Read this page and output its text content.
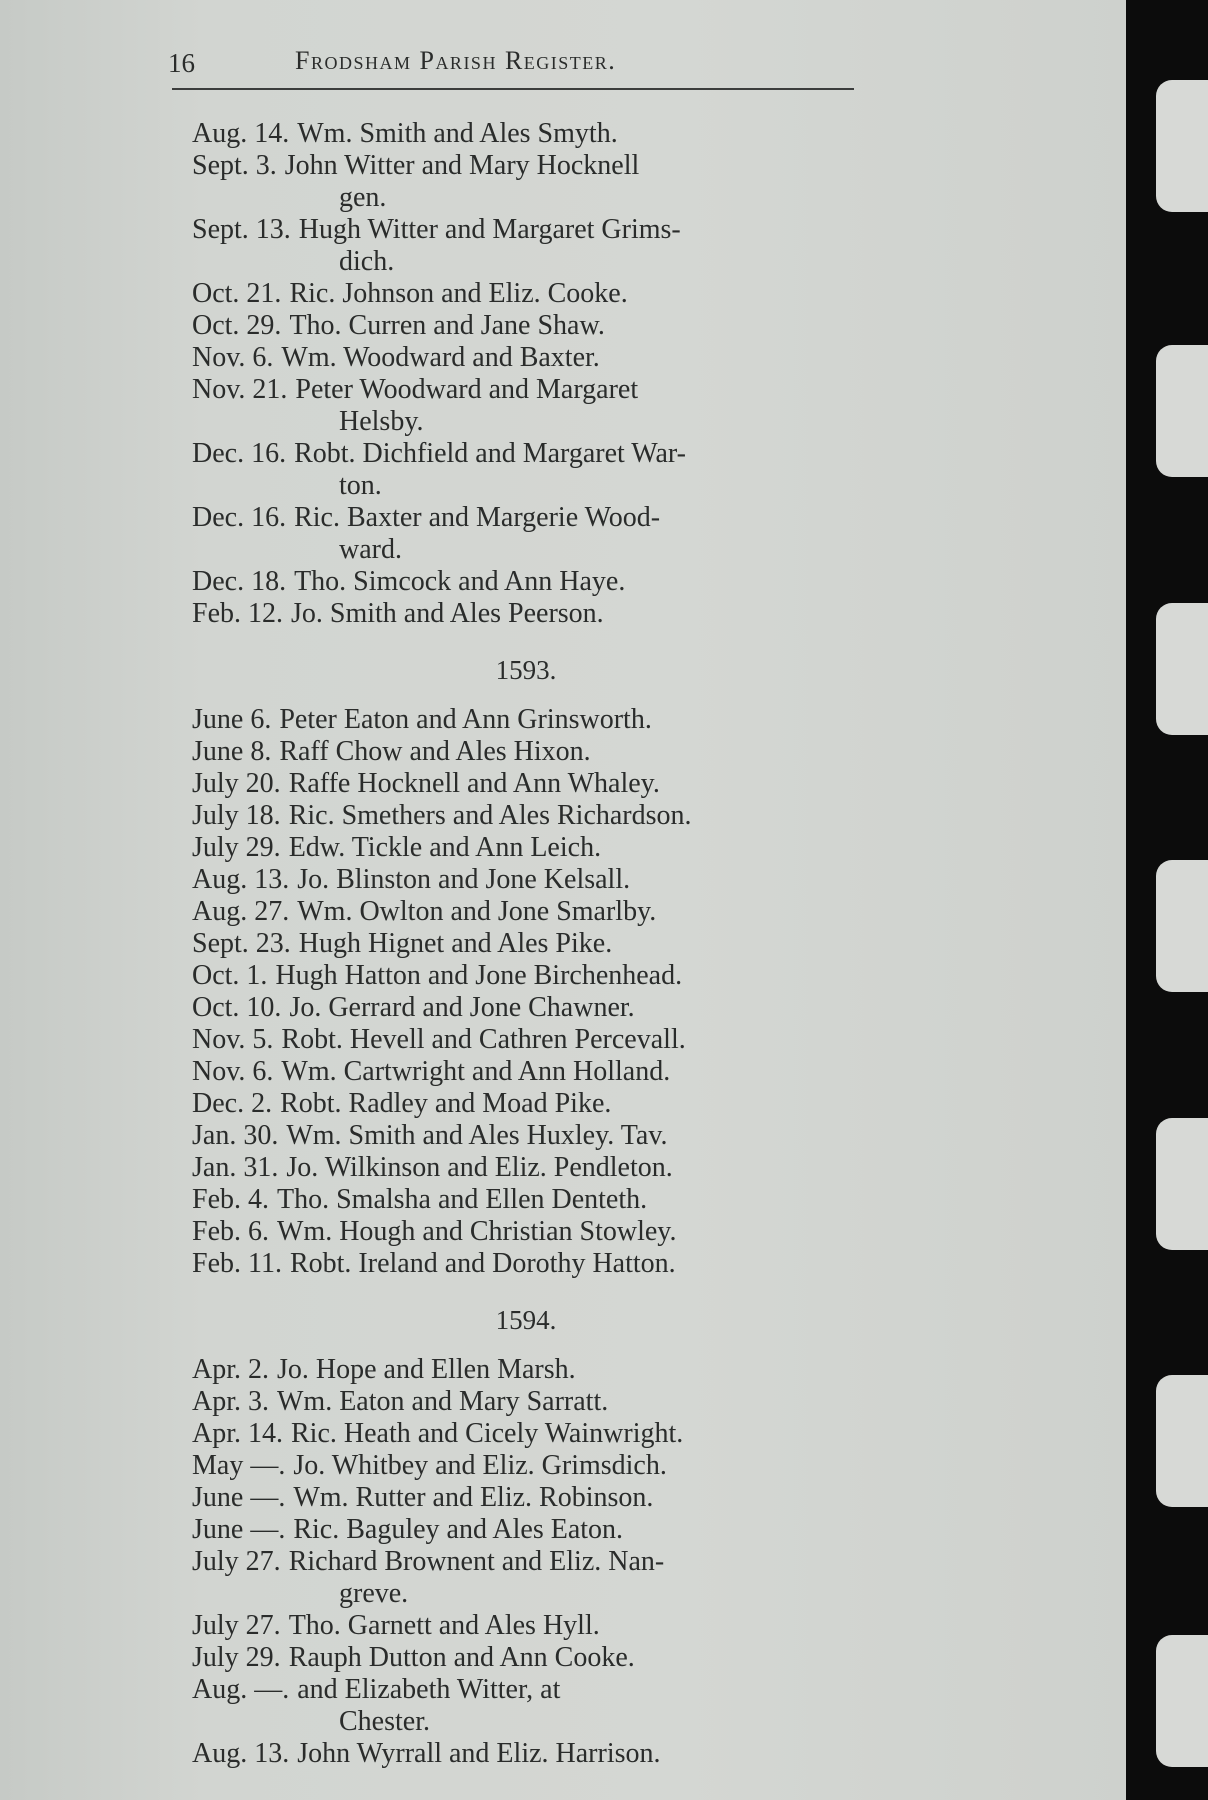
16	Frodsham Parish Register.
Aug. 14. Wm. Smith and Ales Smyth.
Sept. 3. John Witter and Mary Hocknell
gen.
Sept. 13. Hugh Witter and Margaret Grims-
dich.
Oct. 21. Ric. Johnson and Eliz. Cooke.
Oct. 29. Tho. Curren and Jane Shaw.
Nov. 6. Wm. Woodward and Baxter.
Nov. 21. Peter Woodward and Margaret
Helsby.
Dec. 16. Robt. Dichfield and Margaret War-
ton.
Dec. 16. Ric. Baxter and Margerie Wood-
ward.
Dec. 18. Tho. Simcock and Ann Haye.
Feb. 12. Jo. Smith and Ales Peerson.
1593.
June 6. Peter Eaton and Ann Grinsworth.
June 8. Raff Chow and Ales Hixon.
July 20. Raffe Hocknell and Ann Whaley.
July 18. Ric. Smethers and Ales Richardson.
July 29. Edw. Tickle and Ann Leich.
Aug. 13. Jo. Blinston and Jone Kelsall.
Aug. 27. Wm. Owlton and Jone Smarlby.
Sept. 23. Hugh Hignet and Ales Pike.
Oct. 1. Hugh Hatton and Jone Birchenhead.
Oct. 10. Jo. Gerrard and Jone Chawner.
Nov. 5. Robt. Hevell and Cathren Percevall.
Nov. 6. Wm. Cartwright and Ann Holland.
Dec. 2. Robt. Radley and Moad Pike.
Jan. 30. Wm. Smith and Ales Huxley. Tav.
Jan. 31. Jo. Wilkinson and Eliz. Pendleton.
Feb. 4. Tho. Smalsha and Ellen Denteth.
Feb. 6. Wm. Hough and Christian Stowley.
Feb. 11. Robt. Ireland and Dorothy Hatton.
1594.
Apr. 2. Jo. Hope and Ellen Marsh.
Apr. 3. Wm. Eaton and Mary Sarratt.
Apr. 14. Ric. Heath and Cicely Wainwright.
May —. Jo. Whitbey and Eliz. Grimsdich.
June —. Wm. Rutter and Eliz. Robinson.
June —. Ric. Baguley and Ales Eaton.
July 27. Richard Brownent and Eliz. Nan-
greve.
July 27. Tho. Garnett and Ales Hyll.
July 29. Rauph Dutton and Ann Cooke.
Aug. —. and Elizabeth Witter, at
Chester.
Aug. 13. John Wyrrall and Eliz. Harrison.
